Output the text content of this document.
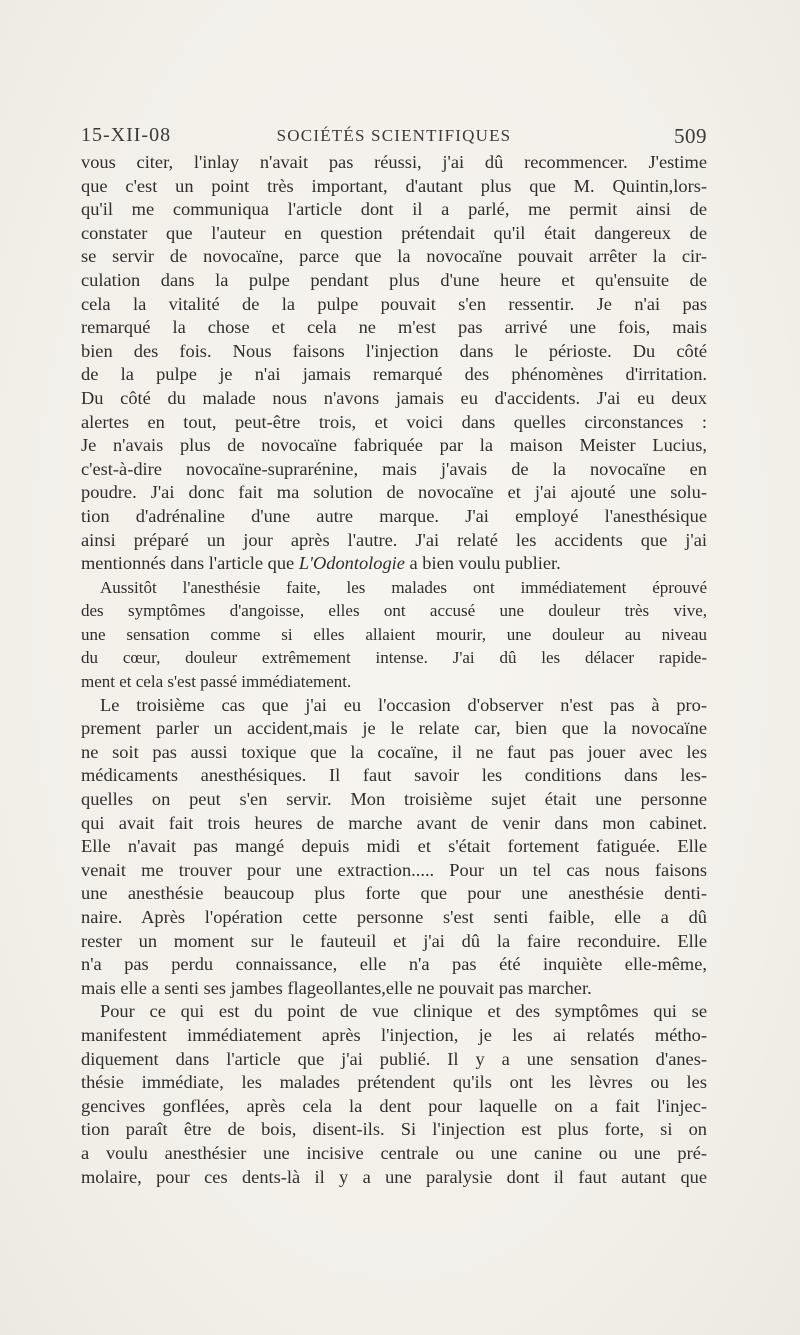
15-XII-08	SOCIÉTÉS SCIENTIFIQUES	509
vous citer, l'inlay n'avait pas réussi, j'ai dû recommencer. J'estime
que c'est un point très important, d'autant plus que M. Quintin,lors-
qu'il me communiqua l'article dont il a parlé, me permit ainsi de
constater que l'auteur en question prétendait qu'il était dangereux de
se servir de novocaïne, parce que la novocaïne pouvait arrêter la cir-
culation dans la pulpe pendant plus d'une heure et qu'ensuite de
cela la vitalité de la pulpe pouvait s'en ressentir. Je n'ai pas
remarqué la chose et cela ne m'est pas arrivé une fois, mais
bien des fois. Nous faisons l'injection dans le périoste. Du côté
de la pulpe je n'ai jamais remarqué des phénomènes d'irritation.
Du côté du malade nous n'avons jamais eu d'accidents. J'ai eu deux
alertes en tout, peut-être trois, et voici dans quelles circonstances :
Je n'avais plus de novocaïne fabriquée par la maison Meister Lucius,
c'est-à-dire novocaïne-suprarénine, mais j'avais de la novocaïne en
poudre. J'ai donc fait ma solution de novocaïne et j'ai ajouté une solu-
tion d'adrénaline d'une autre marque. J'ai employé l'anesthésique
ainsi préparé un jour après l'autre. J'ai relaté les accidents que j'ai
mentionnés dans l'article que L'Odontologie a bien voulu publier.
Aussitôt l'anesthésie faite, les malades ont immédiatement éprouvé
des symptômes d'angoisse, elles ont accusé une douleur très vive,
une sensation comme si elles allaient mourir, une douleur au niveau
du cœur, douleur extrêmement intense. J'ai dû les délacer rapide-
ment et cela s'est passé immédiatement.
Le troisième cas que j'ai eu l'occasion d'observer n'est pas à pro-
prement parler un accident,mais je le relate car, bien que la novocaïne
ne soit pas aussi toxique que la cocaïne, il ne faut pas jouer avec les
médicaments anesthésiques. Il faut savoir les conditions dans les-
quelles on peut s'en servir. Mon troisième sujet était une personne
qui avait fait trois heures de marche avant de venir dans mon cabinet.
Elle n'avait pas mangé depuis midi et s'était fortement fatiguée. Elle
venait me trouver pour une extraction..... Pour un tel cas nous faisons
une anesthésie beaucoup plus forte que pour une anesthésie denti-
naire. Après l'opération cette personne s'est senti faible, elle a dû
rester un moment sur le fauteuil et j'ai dû la faire reconduire. Elle
n'a pas perdu connaissance, elle n'a pas été inquiète elle-même,
mais elle a senti ses jambes flageollantes,elle ne pouvait pas marcher.
Pour ce qui est du point de vue clinique et des symptômes qui se
manifestent immédiatement après l'injection, je les ai relatés métho-
diquement dans l'article que j'ai publié. Il y a une sensation d'anes-
thésie immédiate, les malades prétendent qu'ils ont les lèvres ou les
gencives gonflées, après cela la dent pour laquelle on a fait l'injec-
tion paraît être de bois, disent-ils. Si l'injection est plus forte, si on
a voulu anesthésier une incisive centrale ou une canine ou une pré-
molaire, pour ces dents-là il y a une paralysie dont il faut autant que
